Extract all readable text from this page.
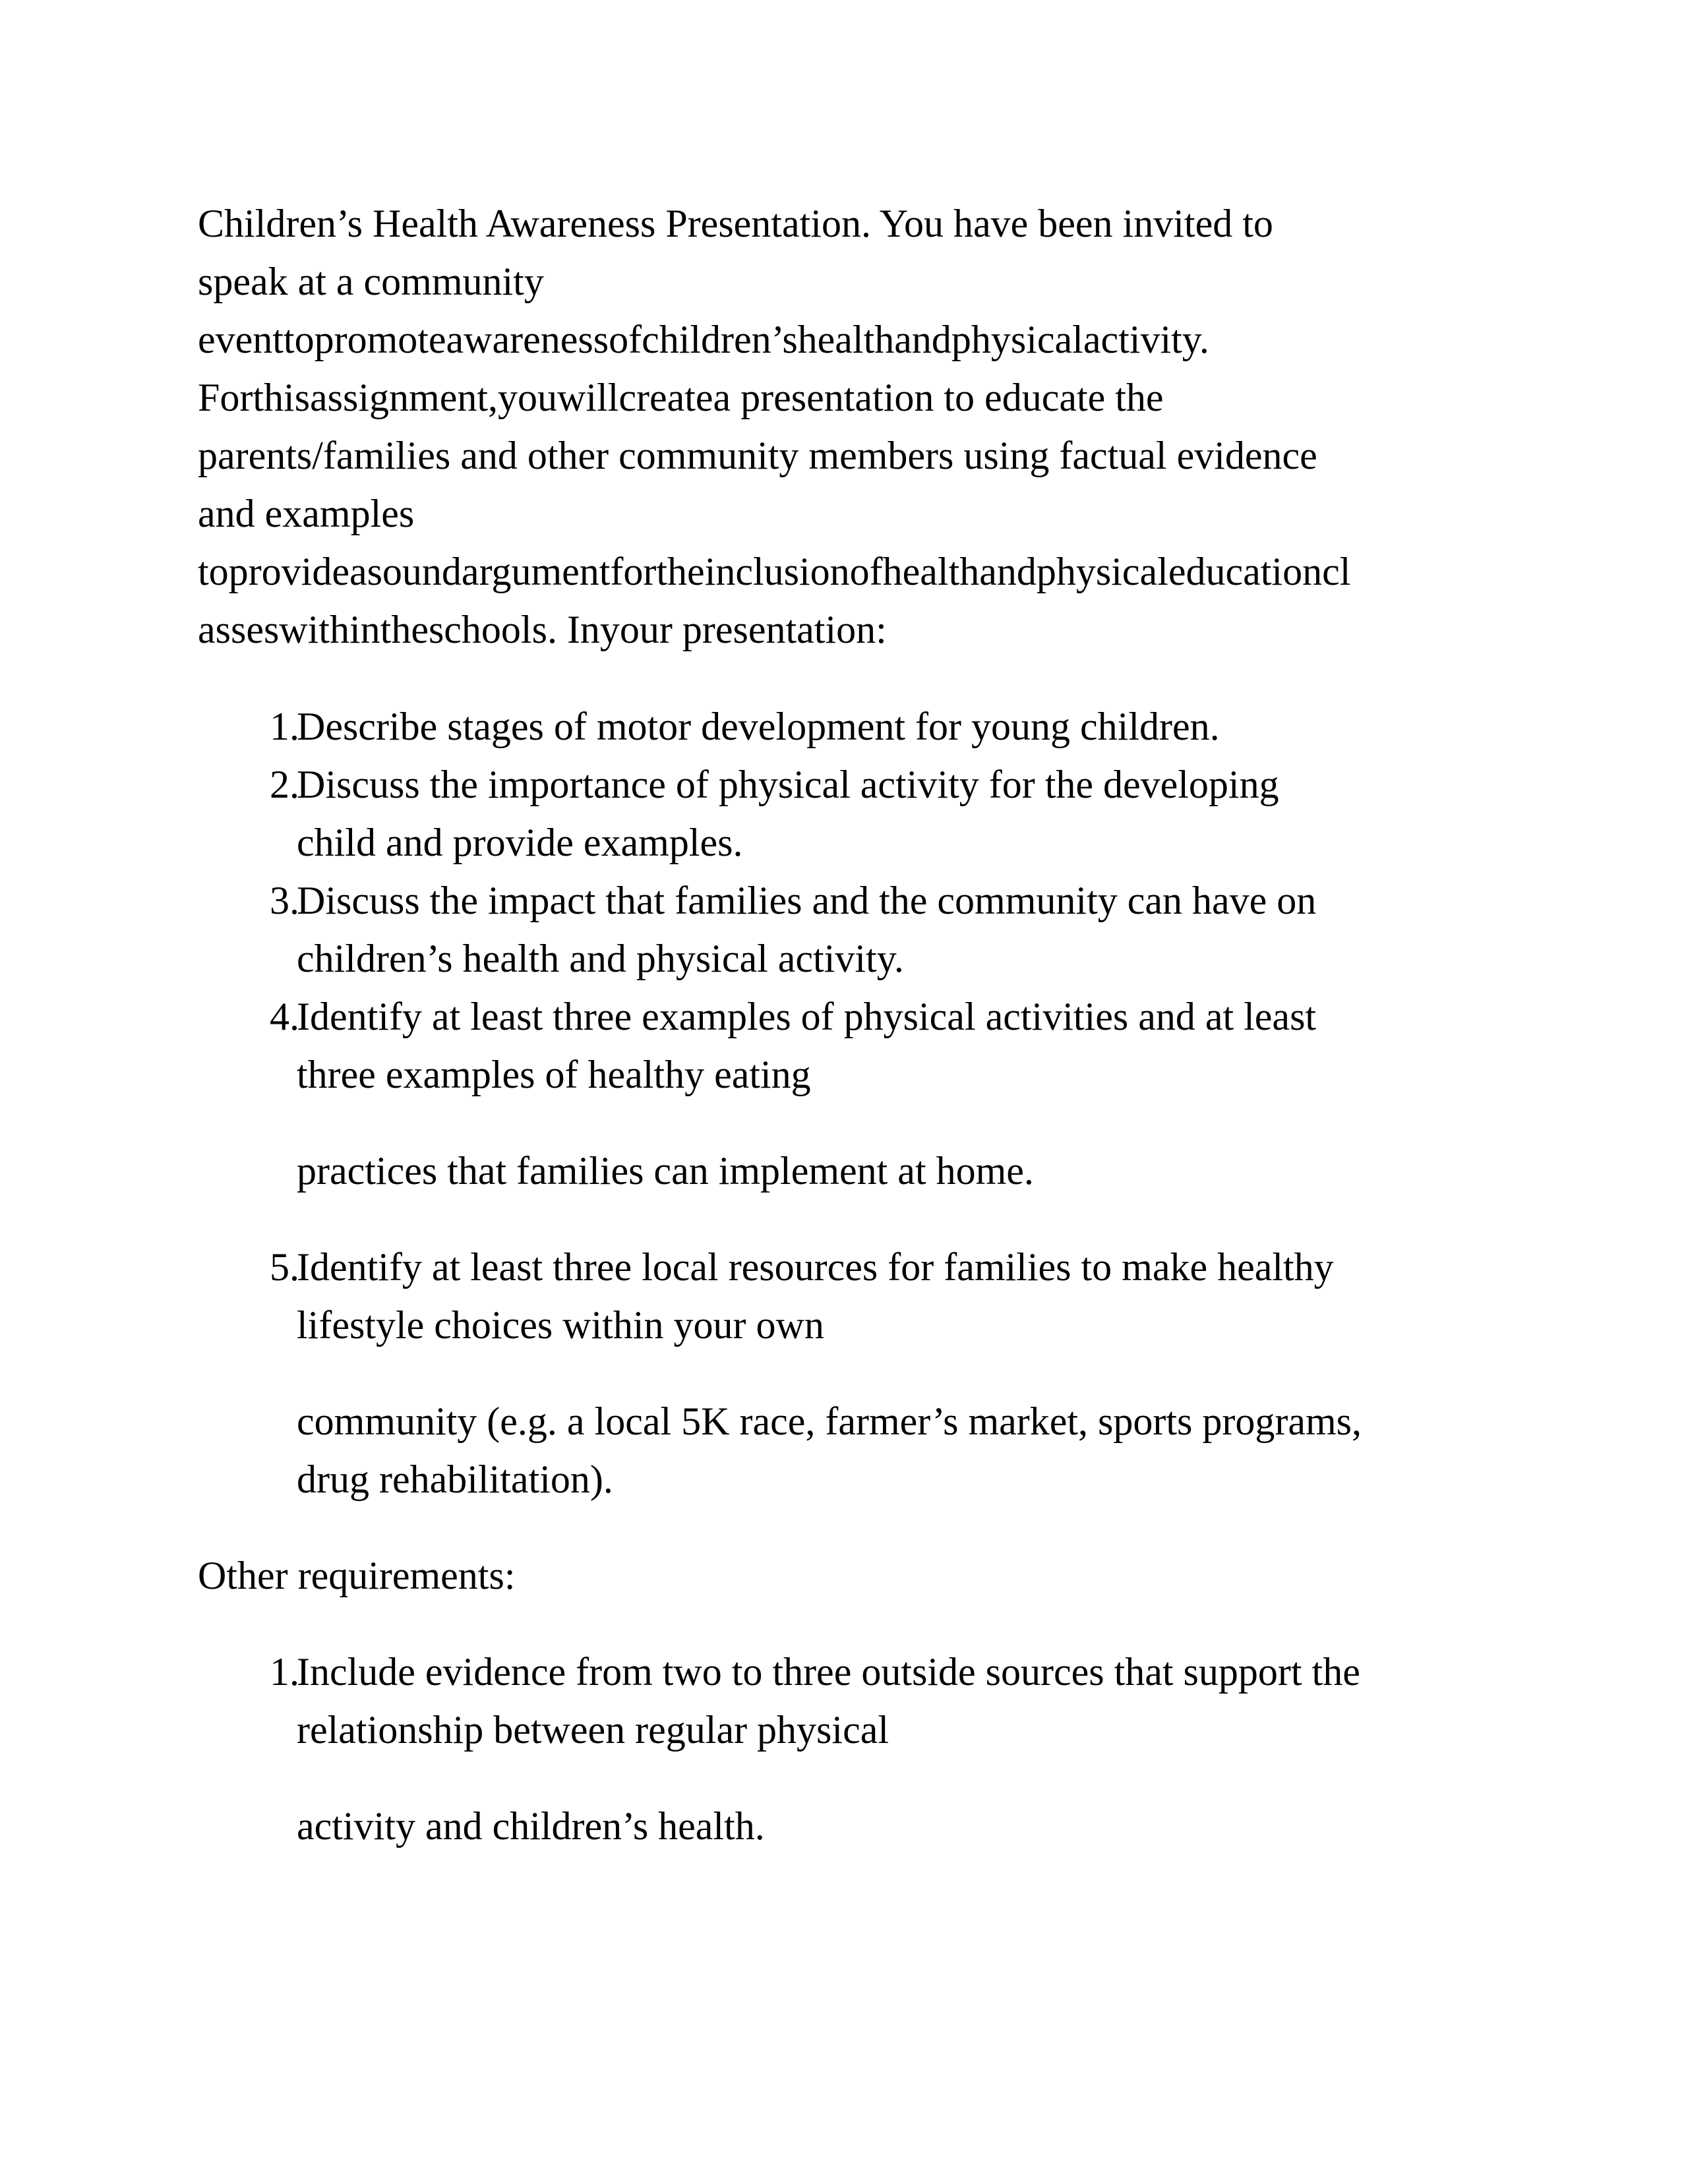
Children’s Health Awareness Presentation. You have been invited to
speak at a community
eventtopromoteawarenessofchildren’shealthandphysicalactivity.
Forthisassignment,youwillcreatea presentation to educate the
parents/families and other community members using factual evidence
and examples
toprovideasoundargumentfortheinclusionofhealthandphysicaleducationcl
asseswithintheschools. Inyour presentation:
1.
Describe stages of motor development for young children.
2.
Discuss the importance of physical activity for the developing
child and provide examples.
3.
Discuss the impact that families and the community can have on
children’s health and physical activity.
4.
Identify at least three examples of physical activities and at least
three examples of healthy eating
practices that families can implement at home.
5.
Identify at least three local resources for families to make healthy
lifestyle choices within your own
community (e.g. a local 5K race, farmer’s market, sports programs,
drug rehabilitation).
Other requirements:
1.
Include evidence from two to three outside sources that support the
relationship between regular physical
activity and children’s health.
